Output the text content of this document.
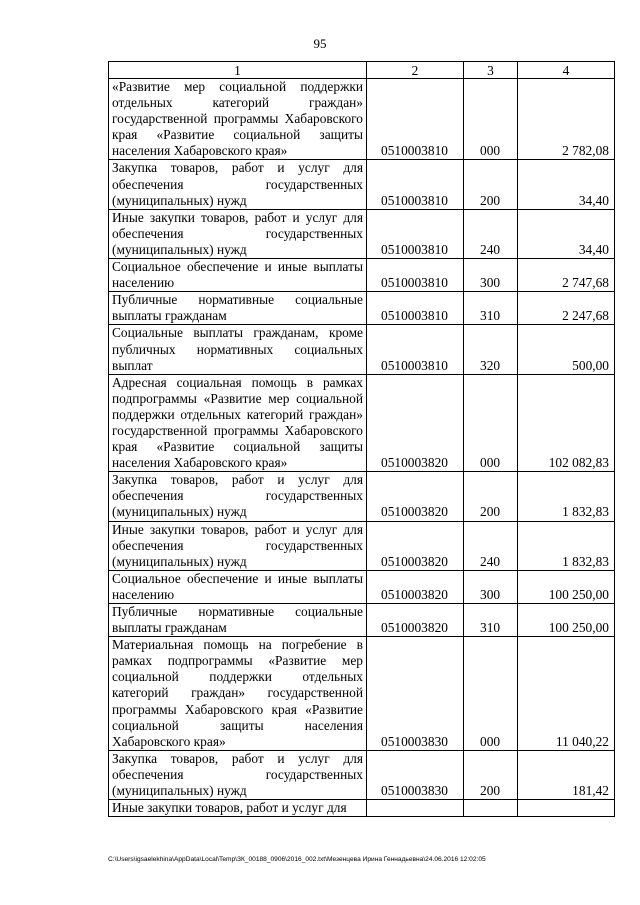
95
1	2	3	4
«Развитие мер социальной поддержки отдельных категорий граждан» государственной программы Хабаровского края «Развитие социальной защиты населения Хабаровского края»	0510003810	000	2 782,08
Закупка товаров, работ и услуг для обеспечения государственных (муниципальных) нужд	0510003810	200	34,40
Иные закупки товаров, работ и услуг для обеспечения государственных (муниципальных) нужд	0510003810	240	34,40
Социальное обеспечение и иные выплаты населению	0510003810	300	2 747,68
Публичные нормативные социальные выплаты гражданам	0510003810	310	2 247,68
Социальные выплаты гражданам, кроме публичных нормативных социальных выплат	0510003810	320	500,00
Адресная социальная помощь в рамках подпрограммы «Развитие мер социальной поддержки отдельных категорий граждан» государственной программы Хабаровского края «Развитие социальной защиты населения Хабаровского края»	0510003820	000	102 082,83
Закупка товаров, работ и услуг для обеспечения государственных (муниципальных) нужд	0510003820	200	1 832,83
Иные закупки товаров, работ и услуг для обеспечения государственных (муниципальных) нужд	0510003820	240	1 832,83
Социальное обеспечение и иные выплаты населению	0510003820	300	100 250,00
Публичные нормативные социальные выплаты гражданам	0510003820	310	100 250,00
Материальная помощь на погребение в рамках подпрограммы «Развитие мер социальной поддержки отдельных категорий граждан» государственной программы Хабаровского края «Развитие социальной защиты населения Хабаровского края»	0510003830	000	11 040,22
Закупка товаров, работ и услуг для обеспечения государственных (муниципальных) нужд	0510003830	200	181,42
Иные закупки товаров, работ и услуг для			
C:\Users\igsaelekhina\AppData\Local\Temp\ЗК_00188_0906\2016_002.txt\Мезенцева Ирина Геннадьевна\24.06.2016 12:02:05
